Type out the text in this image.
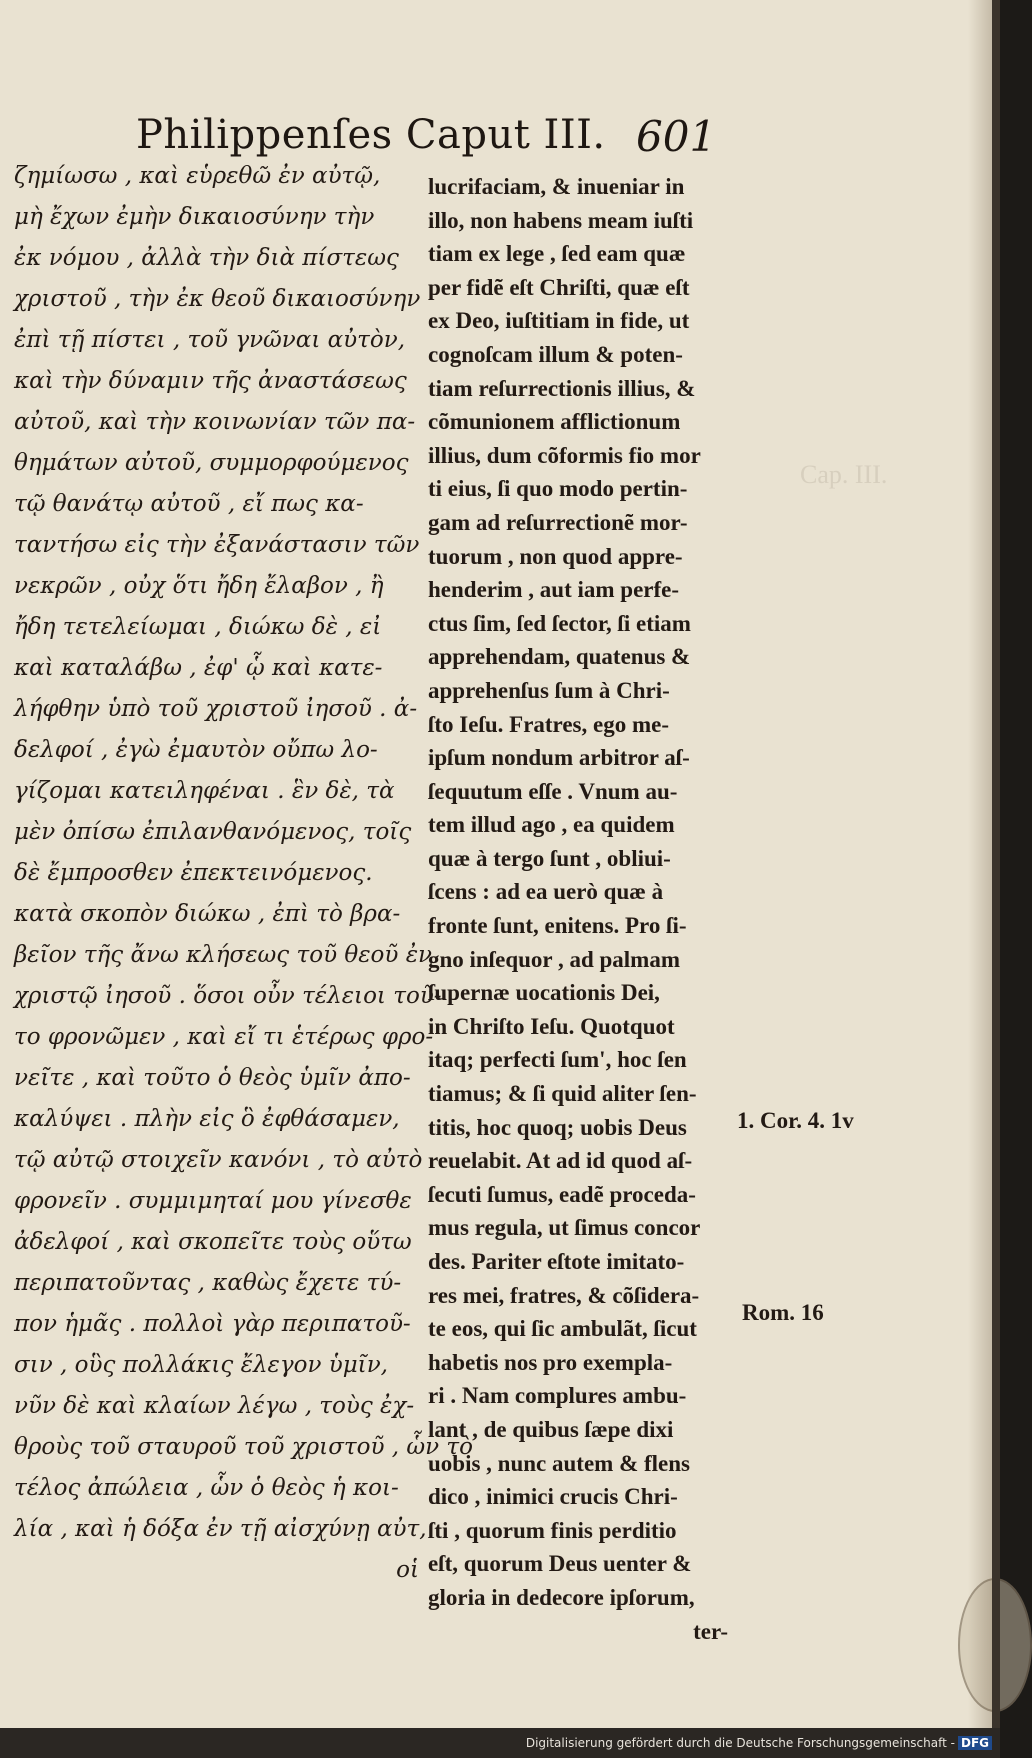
Cap. III.
Philippenſes Caput III. 601
ζημίωσω , καὶ εὑρεθῶ ἐν αὐτῷ,
μὴ ἔχων ἐμὴν δικαιοσύνην τὴν
ἐκ νόμου , ἀλλὰ τὴν διὰ πίστεως
χριστοῦ , τὴν ἐκ θεοῦ δικαιοσύνην
ἐπὶ τῇ πίστει , τοῦ γνῶναι αὐτὸν,
καὶ τὴν δύναμιν τῆς ἀναστάσεως
αὐτοῦ, καὶ τὴν κοινωνίαν τῶν πα-
θημάτων αὐτοῦ, συμμορφούμενος
τῷ θανάτῳ αὐτοῦ , εἴ πως κα-
ταντήσω εἰς τὴν ἐξανάστασιν τῶν
νεκρῶν , οὐχ ὅτι ἤδη ἔλαβον , ἢ
ἤδη τετελείωμαι , διώκω δὲ , εἰ
καὶ καταλάβω , ἐφ' ᾧ καὶ κατε-
λήφθην ὑπὸ τοῦ χριστοῦ ἰησοῦ . ἀ-
δελφοί , ἐγὼ ἐμαυτὸν οὔπω λο-
γίζομαι κατειληφέναι . ἓν δὲ, τὰ
μὲν ὀπίσω ἐπιλανθανόμενος, τοῖς
δὲ ἔμπροσθεν ἐπεκτεινόμενος.
κατὰ σκοπὸν διώκω , ἐπὶ τὸ βρα-
βεῖον τῆς ἄνω κλήσεως τοῦ θεοῦ ἐν
χριστῷ ἰησοῦ . ὅσοι οὖν τέλειοι τοῦ-
το φρονῶμεν , καὶ εἴ τι ἑτέρως φρο-
νεῖτε , καὶ τοῦτο ὁ θεὸς ὑμῖν ἀπο-
καλύψει . πλὴν εἰς ὃ ἐφθάσαμεν,
τῷ αὐτῷ στοιχεῖν κανόνι , τὸ αὐτὸ
φρονεῖν . συμμιμηταί μου γίνεσθε
ἀδελφοί , καὶ σκοπεῖτε τοὺς οὕτω
περιπατοῦντας , καθὼς ἔχετε τύ-
πον ἡμᾶς . πολλοὶ γὰρ περιπατοῦ-
σιν , οὓς πολλάκις ἔλεγον ὑμῖν,
νῦν δὲ καὶ κλαίων λέγω , τοὺς ἐχ-
θροὺς τοῦ σταυροῦ τοῦ χριστοῦ , ὧν τὸ
τέλος ἀπώλεια , ὧν ὁ θεὸς ἡ κοι-
λία , καὶ ἡ δόξα ἐν τῇ αἰσχύνῃ αὐτ,
οἱ
lucrifaciam, & inueniar in
illo, non habens meam iuſti
tiam ex lege , ſed eam quæ
per fidẽ eſt Chriſti, quæ eſt
ex Deo, iuſtitiam in fide, ut
cognoſcam illum & poten-
tiam reſurrectionis illius, &
cõmunionem afflictionum
illius, dum cõformis fio mor
ti eius, ſi quo modo pertin-
gam ad reſurrectionẽ mor-
tuorum , non quod appre-
henderim , aut iam perfe-
ctus ſim, ſed ſector, ſi etiam
apprehendam, quatenus &
apprehenſus ſum à Chri-
ſto Ieſu. Fratres, ego me-
ipſum nondum arbitror aſ-
ſequutum eſſe . Vnum au-
tem illud ago , ea quidem
quæ à tergo ſunt , obliui-
ſcens : ad ea uerò quæ à
fronte ſunt, enitens. Pro ſi-
gno inſequor , ad palmam
ſupernæ uocationis Dei,
in Chriſto Ieſu. Quotquot
itaq; perfecti ſum', hoc ſen
tiamus; & ſi quid aliter ſen-
titis, hoc quoq; uobis Deus
reuelabit. At ad id quod aſ-
ſecuti ſumus, eadẽ proceda-
mus regula, ut ſimus concor
des. Pariter eſtote imitato-
res mei, fratres, & cõſidera-
te eos, qui ſic ambulãt, ſicut
habetis nos pro exempla-
ri . Nam complures ambu-
lant , de quibus ſæpe dixi
uobis , nunc autem & flens
dico , inimici crucis Chri-
ſti , quorum finis perditio
eſt, quorum Deus uenter &
gloria in dedecore ipſorum,
ter-
1. Cor. 4. 1v
Rom. 16
Digitalisierung gefördert durch die Deutsche Forschungsgemeinschaft - DFG
